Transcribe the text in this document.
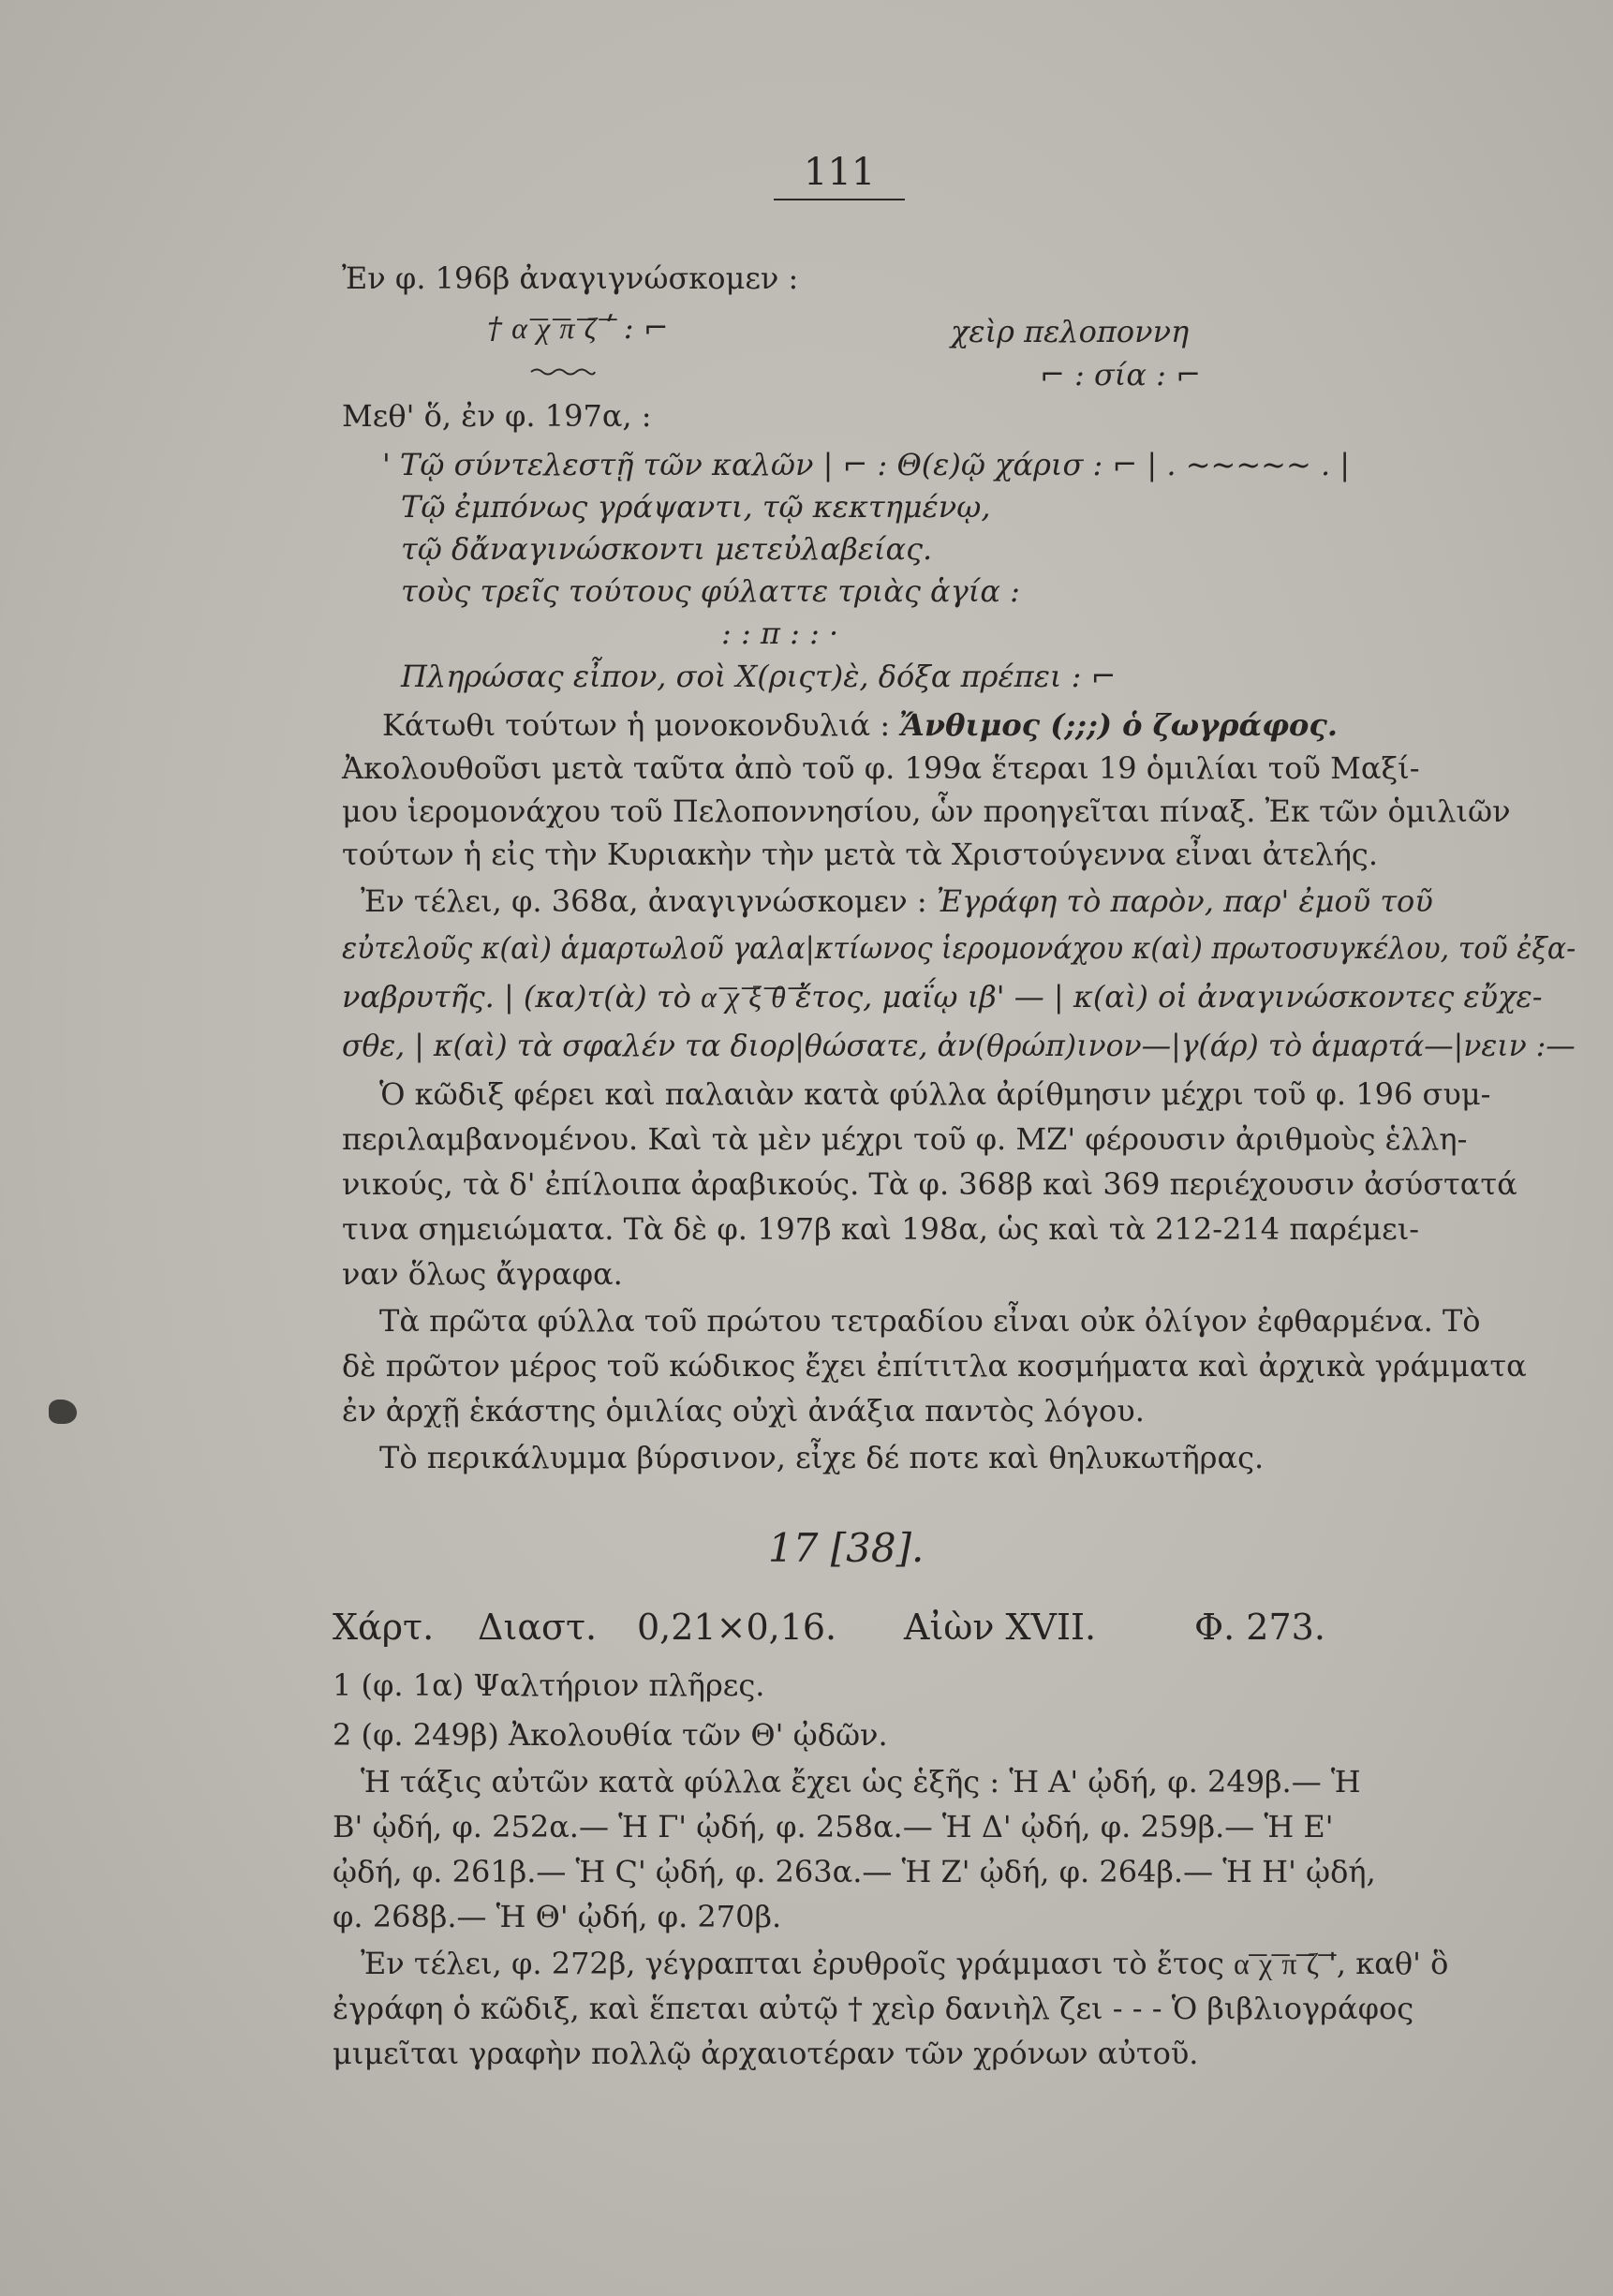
111
Ἐν φ. 196β ἀναγιγνώσκομεν :
† α͞ χ͞ π͞ ζ͞ ʹ : ⌐	χεὶρ πελοποννη
⌐ : σία : ⌐
Μεθ' ὅ, ἐν φ. 197α, :
' Τῷ σύντελεστῇ τῶν καλῶν | ⌐ : Θ(ε)ῷ χάρισ : ⌐ | . ~~~~~ . |
Τῷ ἐμπόνως γράψαντι, τῷ κεκτημένῳ,
τῷ δἄναγινώσκοντι μετεὐλαβείας.
τοὺς τρεῖς τούτους φύλαττε τριὰς ἁγία :
: : π : : ·
Πληρώσας εἶπον, σοὶ Χ(ριςτ)ὲ, δόξα πρέπει : ⌐
Κάτωθι τούτων ἡ μονοκονδυλιά : Ἄνθιμος (;;;) ὁ ζωγράφος.
Ἀκολουθοῦσι μετὰ ταῦτα ἀπὸ τοῦ φ. 199α ἕτεραι 19 ὁμιλίαι τοῦ Μαξί-
μου ἱερομονάχου τοῦ Πελοποννησίου, ὧν προηγεῖται πίναξ. Ἐκ τῶν ὁμιλιῶν
τούτων ἡ εἰς τὴν Κυριακὴν τὴν μετὰ τὰ Χριστούγεννα εἶναι ἀτελής.
Ἐν τέλει, φ. 368α, ἀναγιγνώσκομεν : Ἐγράφη τὸ παρὸν, παρ' ἐμοῦ τοῦ
εὐτελοῦς κ(αὶ) ἁμαρτωλοῦ γαλα|κτίωνος ἱερομονάχου κ(αὶ) πρωτοσυγκέλου, τοῦ ἐξα-
ναβρυτῆς. | (κα)τ(ὰ) τὸ α͞ χ͞ ξ͞ θ͞ ἔτος, μαΐῳ ιβ' — | κ(αὶ) οἱ ἀναγινώσκοντες εὔχε-
σθε, | κ(αὶ) τὰ σφαλέν τα διορ|θώσατε, ἀν(θρώπ)ινον—|γ(άρ) τὸ ἁμαρτά—|νειν :—
Ὁ κῶδιξ φέρει καὶ παλαιὰν κατὰ φύλλα ἀρίθμησιν μέχρι τοῦ φ. 196 συμ-
περιλαμβανομένου. Καὶ τὰ μὲν μέχρι τοῦ φ. ΜΖ' φέρουσιν ἀριθμοὺς ἑλλη-
νικούς, τὰ δ' ἐπίλοιπα ἀραβικούς. Τὰ φ. 368β καὶ 369 περιέχουσιν ἀσύστατά
τινα σημειώματα. Τὰ δὲ φ. 197β καὶ 198α, ὡς καὶ τὰ 212-214 παρέμει-
ναν ὅλως ἄγραφα.
Τὰ πρῶτα φύλλα τοῦ πρώτου τετραδίου εἶναι οὐκ ὀλίγον ἐφθαρμένα. Τὸ
δὲ πρῶτον μέρος τοῦ κώδικος ἔχει ἐπίτιτλα κοσμήματα καὶ ἀρχικὰ γράμματα
ἐν ἀρχῇ ἑκάστης ὁμιλίας οὐχὶ ἀνάξια παντὸς λόγου.
Τὸ περικάλυμμα βύρσινον, εἶχε δέ ποτε καὶ θηλυκωτῆρας.
17 [38].
Χάρτ. Διαστ. 0,21×0,16. Αἰὼν XVII.	Φ. 273.
1 (φ. 1α) Ψαλτήριον πλῆρες.
2 (φ. 249β) Ἀκολουθία τῶν Θ' ᾠδῶν.
Ἡ τάξις αὐτῶν κατὰ φύλλα ἔχει ὡς ἑξῆς : Ἡ Α' ᾠδή, φ. 249β.— Ἡ
Β' ᾠδή, φ. 252α.— Ἡ Γ' ᾠδή, φ. 258α.— Ἡ Δ' ᾠδή, φ. 259β.— Ἡ Ε'
ᾠδή, φ. 261β.— Ἡ Ϛ' ᾠδή, φ. 263α.— Ἡ Ζ' ᾠδή, φ. 264β.— Ἡ Η' ᾠδή,
φ. 268β.— Ἡ Θ' ᾠδή, φ. 270β.
Ἐν τέλει, φ. 272β, γέγραπται ἐρυθροῖς γράμμασι τὸ ἔτος α͞ χ͞ π͞ ζ͞ ', καθ' ὃ
ἐγράφη ὁ κῶδιξ, καὶ ἕπεται αὐτῷ † χεὶρ δανιὴλ ζει - - - Ὁ βιβλιογράφος
μιμεῖται γραφὴν πολλῷ ἀρχαιοτέραν τῶν χρόνων αὐτοῦ.
